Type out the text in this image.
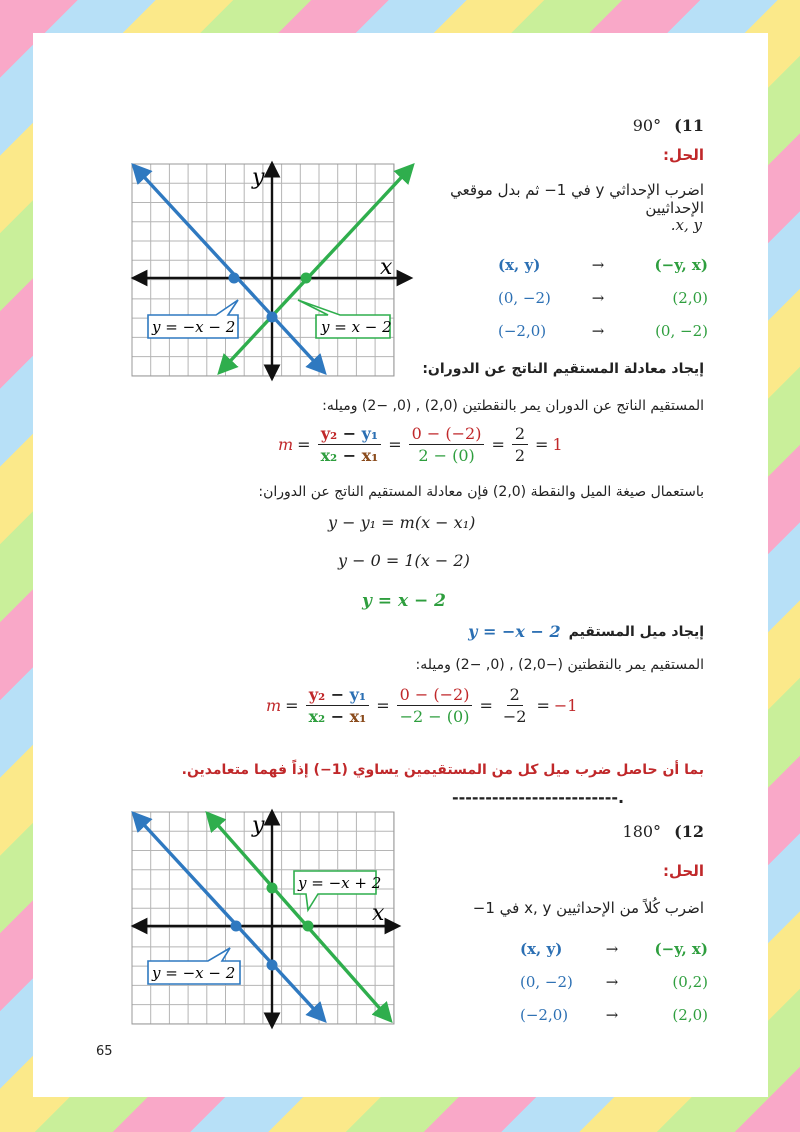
90° (11
الحل:
اضرب الإحداثي y في 1− ثم بدل موقعي الإحداثيين
.x, y
(x, y)	→	(−y, x)
(0, −2)	→	(2,0)
(−2,0)	→	(0, −2)
x
y
y = −x − 2	y = x − 2
إيجاد معادلة المستقيم الناتج عن الدوران:
المستقيم الناتج عن الدوران يمر بالنقطتين (2,0) , (0, −2) وميله:
$m = \frac{\text{y₂ − y₁}}{\text{x₂ − x₁}} = \frac{0 - (-2)}{2 - (0)} = \frac{2}{2} = 1$
باستعمال صيغة الميل والنقطة (2,0) فإن معادلة المستقيم الناتج عن الدوران:
y − y₁ = m(x − x₁)
y − 0 = 1(x − 2)
y = x − 2
إيجاد ميل المستقيم
y = −x − 2
المستقيم يمر بالنقطتين (−2,0) , (0, −2) وميله:
$m = \frac{\text{y₂ − y₁}}{\text{x₂ − x₁}} = \frac{0 - (-2)}{-2 - (0)} = \frac{2}{-2} = -1$
بما أن حاصل ضرب ميل كل من المستقيمين يساوي (1−) إذاً فهما متعامدين.
-------------------------.
180° (12
الحل:
اضرب كُلاً من الإحداثيين x, y في 1−
(x, y)	→	(−y, x)
(0, −2)	→	(0,2)
(−2,0)	→	(2,0)
x
y
y = −x + 2
y = −x − 2
65
